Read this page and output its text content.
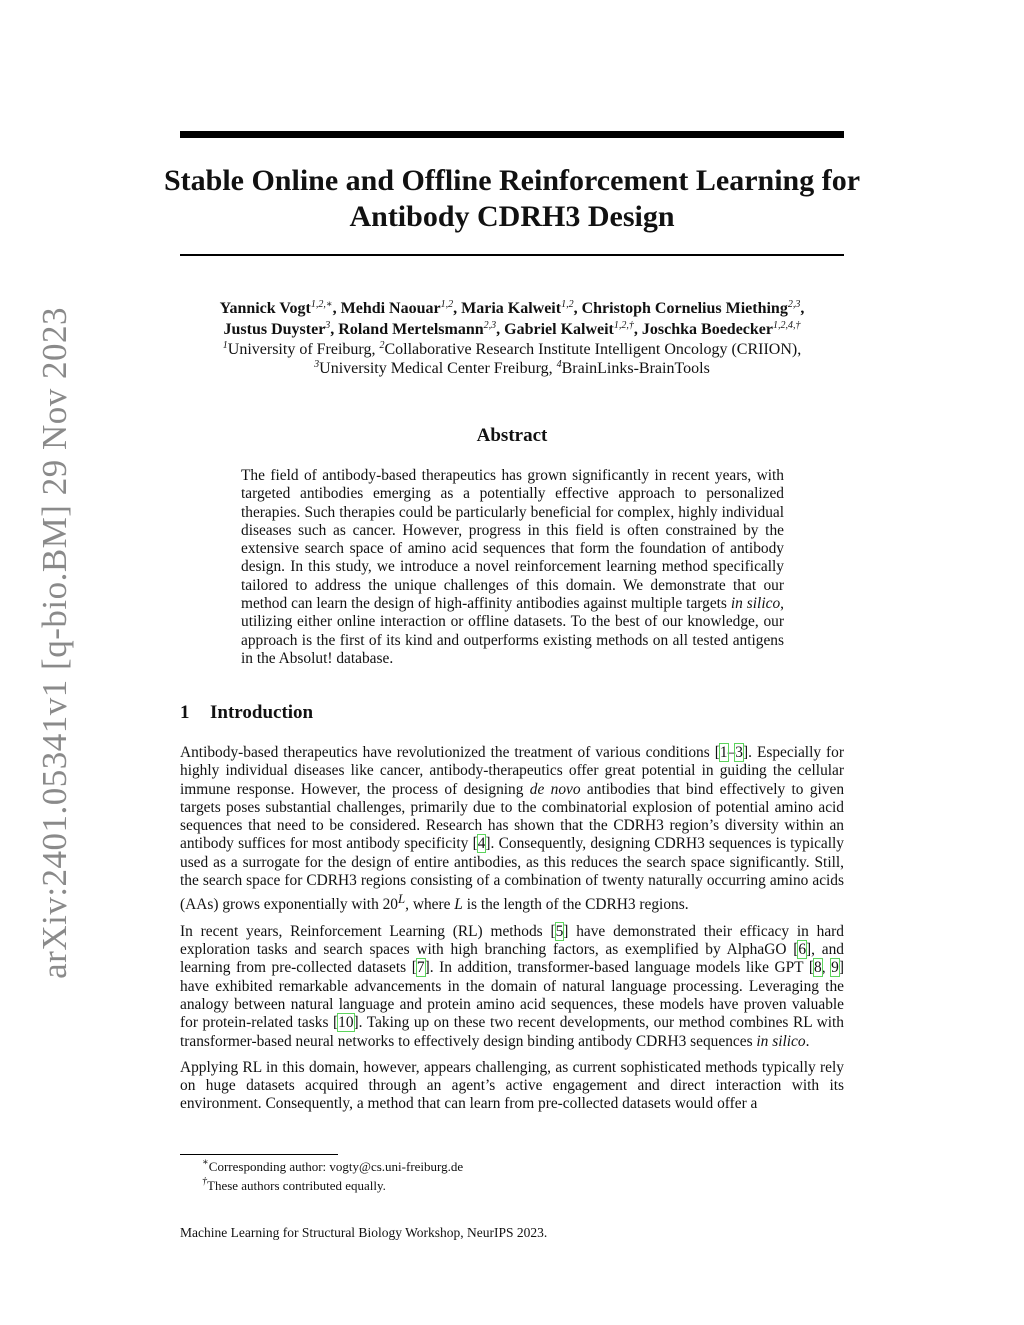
arXiv:2401.05341v1 [q-bio.BM] 29 Nov 2023
Stable Online and Offline Reinforcement Learning for Antibody CDRH3 Design
Yannick Vogt$^{1,2,∗}$, Mehdi Naouar$^{1,2}$, Maria Kalweit$^{1,2}$, Christoph Cornelius Miething$^{2,3}$,
Justus Duyster$^3$, Roland Mertelsmann$^{2,3}$, Gabriel Kalweit$^{1,2,\dagger}$, Joschka Boedecker$^{1,2,4,\dagger}$
$^1$University of Freiburg, $^2$Collaborative Research Institute Intelligent Oncology (CRIION),
$^3$University Medical Center Freiburg, $^4$BrainLinks-BrainTools
Abstract

The field of antibody-based therapeutics has grown significantly in recent years, with targeted antibodies emerging as a potentially effective approach to personalized therapies. Such therapies could be particularly beneficial for complex, highly individual diseases such as cancer. However, progress in this field is often constrained by the extensive search space of amino acid sequences that form the foundation of antibody design. In this study, we introduce a novel reinforcement learning method specifically tailored to address the unique challenges of this domain. We demonstrate that our method can learn the design of high-affinity antibodies against multiple targets in silico, utilizing either online interaction or offline datasets. To the best of our knowledge, our approach is the first of its kind and outperforms existing methods on all tested antigens in the Absolut! database.

1 Introduction

Antibody-based therapeutics have revolutionized the treatment of various conditions [1–3]. Especially for highly individual diseases like cancer, antibody-therapeutics offer great potential in guiding the cellular immune response. However, the process of designing de novo antibodies that bind effectively to given targets poses substantial challenges, primarily due to the combinatorial explosion of potential amino acid sequences that need to be considered. Research has shown that the CDRH3 region’s diversity within an antibody suffices for most antibody specificity [4]. Consequently, designing CDRH3 sequences is typically used as a surrogate for the design of entire antibodies, as this reduces the search space significantly. Still, the search space for CDRH3 regions consisting of a combination of twenty naturally occurring amino acids (AAs) grows exponentially with $20^L$, where L is the length of the CDRH3 regions.

In recent years, Reinforcement Learning (RL) methods [5] have demonstrated their efficacy in hard exploration tasks and search spaces with high branching factors, as exemplified by AlphaGO [6], and learning from pre-collected datasets [7]. In addition, transformer-based language models like GPT [8, 9] have exhibited remarkable advancements in the domain of natural language processing. Leveraging the analogy between natural language and protein amino acid sequences, these models have proven valuable for protein-related tasks [10]. Taking up on these two recent developments, our method combines RL with transformer-based neural networks to effectively design binding antibody CDRH3 sequences in silico.

Applying RL in this domain, however, appears challenging, as current sophisticated methods typically rely on huge datasets acquired through an agent’s active engagement and direct interaction with its environment. Consequently, a method that can learn from pre-collected datasets would offer a

∗Corresponding author: vogty@cs.uni-freiburg.de
†These authors contributed equally.
Machine Learning for Structural Biology Workshop, NeurIPS 2023.
